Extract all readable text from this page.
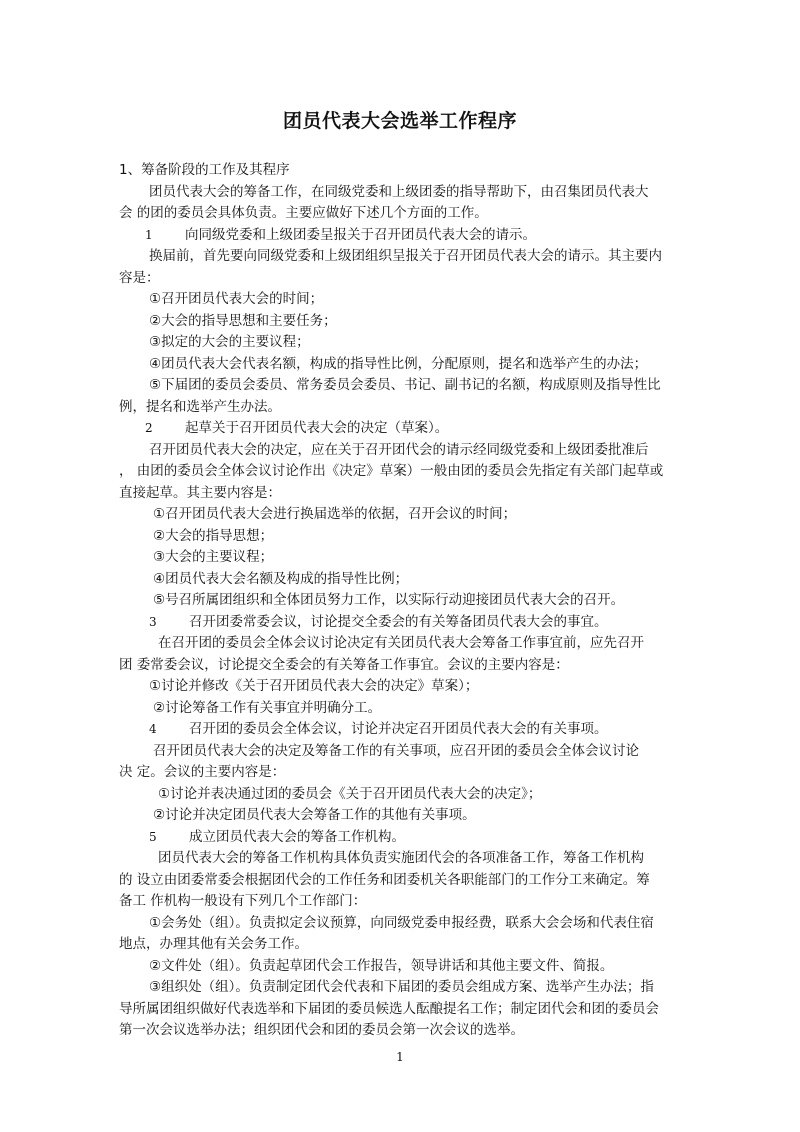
团员代表大会选举工作程序

1、筹备阶段的工作及其程序

团员代表大会的筹备工作，在同级党委和上级团委的指导帮助下，由召集团员代表大

会 的团的委员会具体负责。主要应做好下述几个方面的工作。

1 向同级党委和上级团委呈报关于召开团员代表大会的请示。

换届前，首先要向同级党委和上级团组织呈报关于召开团员代表大会的请示。其主要内

容是：

①召开团员代表大会的时间；

②大会的指导思想和主要任务；

③拟定的大会的主要议程；

④团员代表大会代表名额，构成的指导性比例，分配原则，提名和选举产生的办法；

⑤下届团的委员会委员、常务委员会委员、书记、副书记的名额，构成原则及指导性比

例，提名和选举产生办法。

2 起草关于召开团员代表大会的决定（草案）。

召开团员代表大会的决定，应在关于召开团代会的请示经同级党委和上级团委批准后

， 由团的委员会全体会议讨论作出《决定》草案）一般由团的委员会先指定有关部门起草或

直接起草。其主要内容是：

①召开团员代表大会进行换届选举的依据，召开会议的时间；

②大会的指导思想；

③大会的主要议程；

④团员代表大会名额及构成的指导性比例；

⑤号召所属团组织和全体团员努力工作，以实际行动迎接团员代表大会的召开。

3 召开团委常委会议，讨论提交全委会的有关筹备团员代表大会的事宜。

在召开团的委员会全体会议讨论决定有关团员代表大会筹备工作事宜前，应先召开

团 委常委会议，讨论提交全委会的有关筹备工作事宜。会议的主要内容是：

①讨论并修改《关于召开团员代表大会的决定》草案）；

②讨论筹备工作有关事宜并明确分工。

4 召开团的委员会全体会议，讨论并决定召开团员代表大会的有关事项。

召开团员代表大会的决定及筹备工作的有关事项，应召开团的委员会全体会议讨论

决 定。会议的主要内容是：

①讨论并表决通过团的委员会《关于召开团员代表大会的决定》；

②讨论并决定团员代表大会筹备工作的其他有关事项。

5 成立团员代表大会的筹备工作机构。

团员代表大会的筹备工作机构具体负责实施团代会的各项准备工作，筹备工作机构

的 设立由团委常委会根据团代会的工作任务和团委机关各职能部门的工作分工来确定。筹

备工 作机构一般设有下列几个工作部门：

①会务处（组）。负责拟定会议预算，向同级党委申报经费，联系大会会场和代表住宿

地点，办理其他有关会务工作。

②文件处（组）。负责起草团代会工作报告，领导讲话和其他主要文件、简报。

③组织处（组）。负责制定团代会代表和下届团的委员会组成方案、选举产生办法；指

导所属团组织做好代表选举和下届团的委员候选人酝酿提名工作；制定团代会和团的委员会

第一次会议选举办法；组织团代会和团的委员会第一次会议的选举。

1
